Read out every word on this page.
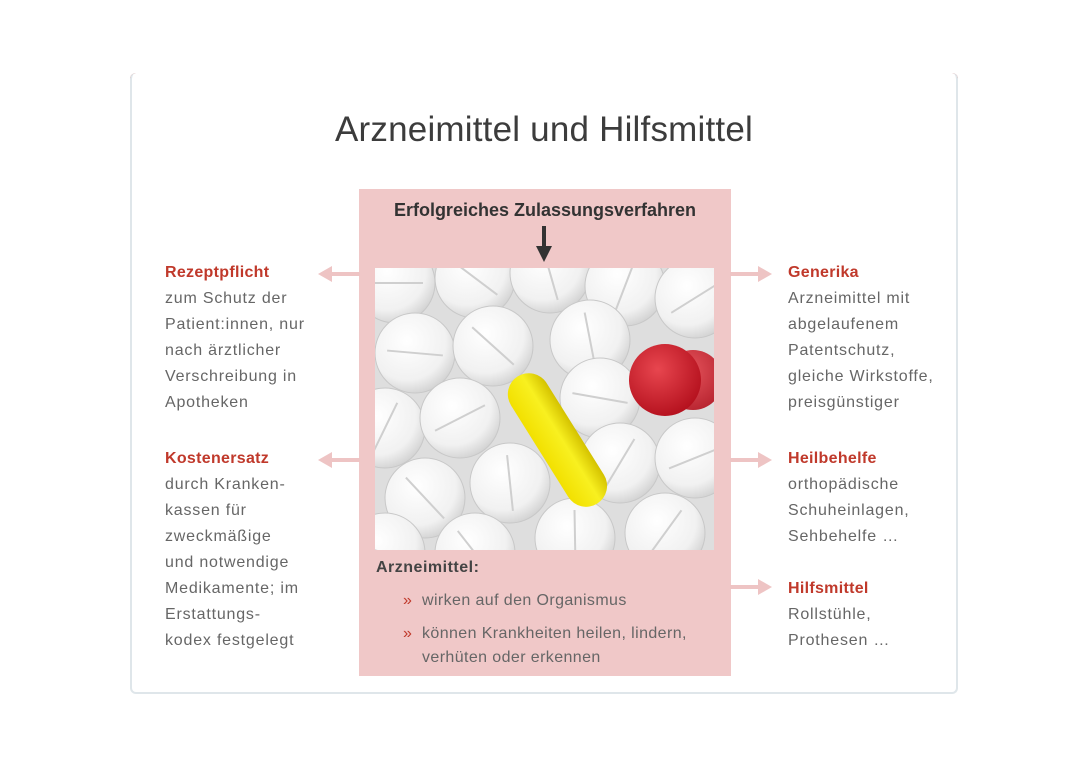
Arzneimittel und Hilfsmittel
Erfolgreiches Zulassungsverfahren
Arzneimittel:
» wirken auf den Organismus
» können Krankheiten heilen, lindern, verhüten oder erkennen
Rezeptpflicht
zum Schutz der
Patient:innen, nur
nach ärztlicher
Verschreibung in
Apotheken
Kostenersatz
durch Kranken-
kassen für
zweckmäßige
und notwendige
Medikamente; im
Erstattungs-
kodex festgelegt
Generika
Arzneimittel mit
abgelaufenem
Patentschutz,
gleiche Wirkstoffe,
preisgünstiger
Heilbehelfe
orthopädische
Schuheinlagen,
Sehbehelfe …
Hilfsmittel
Rollstühle,
Prothesen …
